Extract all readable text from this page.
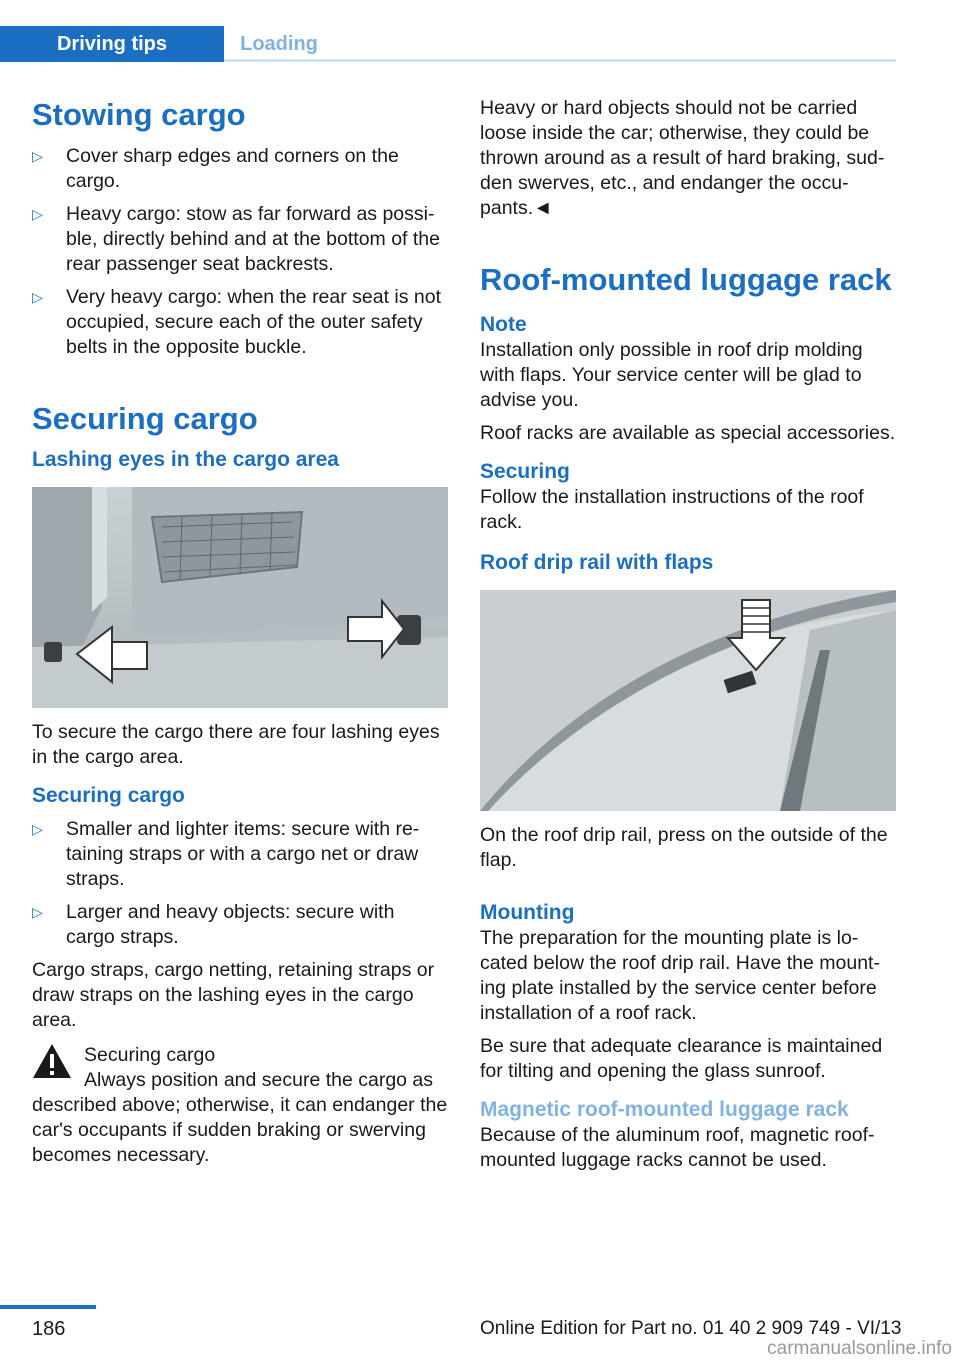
Driving tips	Loading
Stowing cargo
▷ Cover sharp edges and corners on the cargo.
▷ Heavy cargo: stow as far forward as possi-ble, directly behind and at the bottom of the rear passenger seat backrests.
▷ Very heavy cargo: when the rear seat is not occupied, secure each of the outer safety belts in the opposite buckle.
Securing cargo
Lashing eyes in the cargo area

To secure the cargo there are four lashing eyes in the cargo area.

Securing cargo
▷ Smaller and lighter items: secure with re-taining straps or with a cargo net or draw straps.
▷ Larger and heavy objects: secure with cargo straps.

Cargo straps, cargo netting, retaining straps or draw straps on the lashing eyes in the cargo area.

Securing cargo

Always position and secure the cargo as described above; otherwise, it can endanger the car's occupants if sudden braking or swerving becomes necessary.

Heavy or hard objects should not be carried loose inside the car; otherwise, they could be thrown around as a result of hard braking, sud-den swerves, etc., and endanger the occu-pants.◄

Roof-mounted luggage rack
Note

Installation only possible in roof drip molding with flaps. Your service center will be glad to advise you.

Roof racks are available as special accessories.

Securing

Follow the installation instructions of the roof rack.

Roof drip rail with flaps

On the roof drip rail, press on the outside of the flap.

Mounting

The preparation for the mounting plate is lo-cated below the roof drip rail. Have the mount-ing plate installed by the service center before installation of a roof rack.

Be sure that adequate clearance is maintained for tilting and opening the glass sunroof.

Magnetic roof-mounted luggage rack

Because of the aluminum roof, magnetic roof-mounted luggage racks cannot be used.

186	Online Edition for Part no. 01 40 2 909 749 - VI/13
carmanualsonline.info
